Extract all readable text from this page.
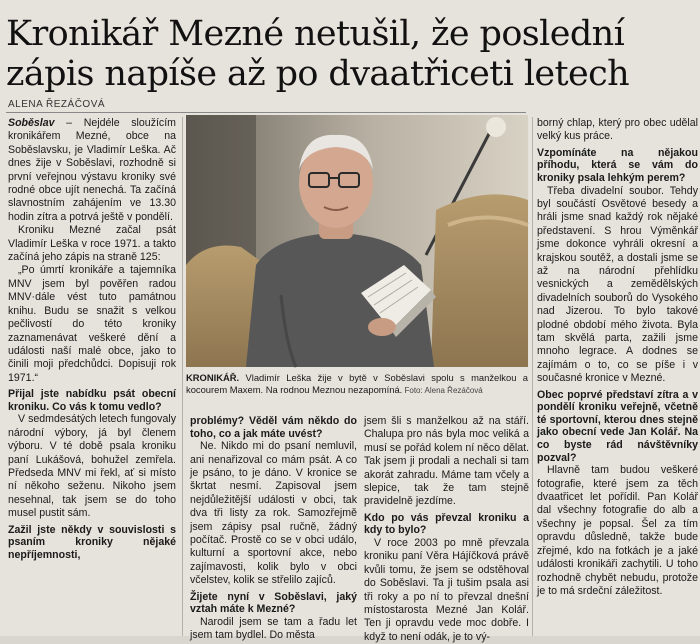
Kronikář Mezné netušil, že poslední
zápis napíše až po dvaatřiceti letech
ALENA ŘEZÁČOVÁ

Soběslav – Nejdéle sloužícím kronikářem Mezné, obce na Soběslavsku, je Vladimír Leška. Ač dnes žije v Soběslavi, rozhodně si první veřejnou výstavu kroniky své rodné obce ujít nenechá. Ta začíná slavnostním zahájením ve 13.30 hodin zítra a potrvá ještě v pondělí.

Kroniku Mezné začal psát Vladimír Leška v roce 1971. a takto začíná jeho zápis na straně 125:

„Po úmrtí kronikáře a tajemníka MNV jsem byl pověřen radou MNV·dále vést tuto památnou knihu. Budu se snažit s velkou pečlivostí do této kroniky zaznamenávat veškeré dění a události naší malé obce, jako to činili moji předchůdci. Dopisuji rok 1971.“

Přijal jste nabídku psát obecní kroniku. Co vás k tomu vedlo?

V sedmdesátých letech fungovaly národní výbory, já byl členem výboru. V té době psala kroniku paní Lukášová, bohužel zemřela. Předseda MNV mi řekl, ať si místo ní někoho seženu. Nikoho jsem nesehnal, tak jsem se do toho musel pustit sám.

Zažil jste někdy v souvislosti s psaním kroniky nějaké nepříjemnosti,

KRONIKÁŘ. Vladimír Leška žije v bytě v Soběslavi spolu s manželkou a kocourem Maxem. Na rodnou Meznou nezapomíná. Foto: Alena Řezáčová

problémy? Věděl vám někdo do toho, co a jak máte uvést?

Ne. Nikdo mi do psaní nemluvil, ani nenařizoval co mám psát. A co je psáno, to je dáno. V kronice se škrtat nesmí. Zapisoval jsem nejdůležitější události v obci, tak dva tři listy za rok. Samozřejmě jsem zápisy psal ručně, žádný počítač. Prostě co se v obci událo, kulturní a sportovní akce, nebo zajímavosti, kolik bylo v obci včelstev, kolik se střelilo zajíců.

Žijete nyní v Soběslavi, jaký vztah máte k Mezné?

Narodil jsem se tam a řadu let jsem tam bydlel. Do města

jsem šli s manželkou až na stáří. Chalupa pro nás byla moc veliká a musí se pořád kolem ní něco dělat. Tak jsem ji prodali a nechali si tam akorát zahradu. Máme tam včely a slepice, tak že tam stejně pravidelně jezdíme.

Kdo po vás převzal kroniku a kdy to bylo?

V roce 2003 po mně převzala kroniku paní Věra Hájíčková právě kvůli tomu, že jsem se odstěhoval do Soběslavi. Ta ji tušim psala asi tři roky a po ní to převzal dnešní místostarosta Mezné Jan Kolář. Ten ji opravdu vede moc dobře. I když to není odák, je to vý-

borný chlap, který pro obec udělal velký kus práce.

Vzpomínáte na nějakou příhodu, která se vám do kroniky psala lehkým perem?

Třeba divadelní soubor. Tehdy byl součástí Osvětové besedy a hráli jsme snad každý rok nějaké představení. S hrou Výměnkář jsme dokonce vyhráli okresní a krajskou soutěž, a dostali jsme se až na národní přehlídku vesnických a zemědělských divadelních souborů do Vysokého nad Jizerou. To bylo takové plodné období mého života. Byla tam skvělá parta, zažili jsme mnoho legrace. A dodnes se zajímám o to, co se píše i v současné kronice v Mezné.

Obec poprvé představí zítra a v pondělí kroniku veřejně, včetně té sportovní, kterou dnes stejně jako obecní vede Jan Kolář. Na co byste rád návštěvníky pozval?

Hlavně tam budou veškeré fotografie, které jsem za těch dvaatřicet let pořídil. Pan Kolář dal všechny fotografie do alb a všechny je popsal. Šel za tím opravdu důsledně, takže bude zřejmé, kdo na fotkách je a jaké události kronikáři zachytili. U toho rozhodně chybět nebudu, protože je to má srdeční záležitost.
